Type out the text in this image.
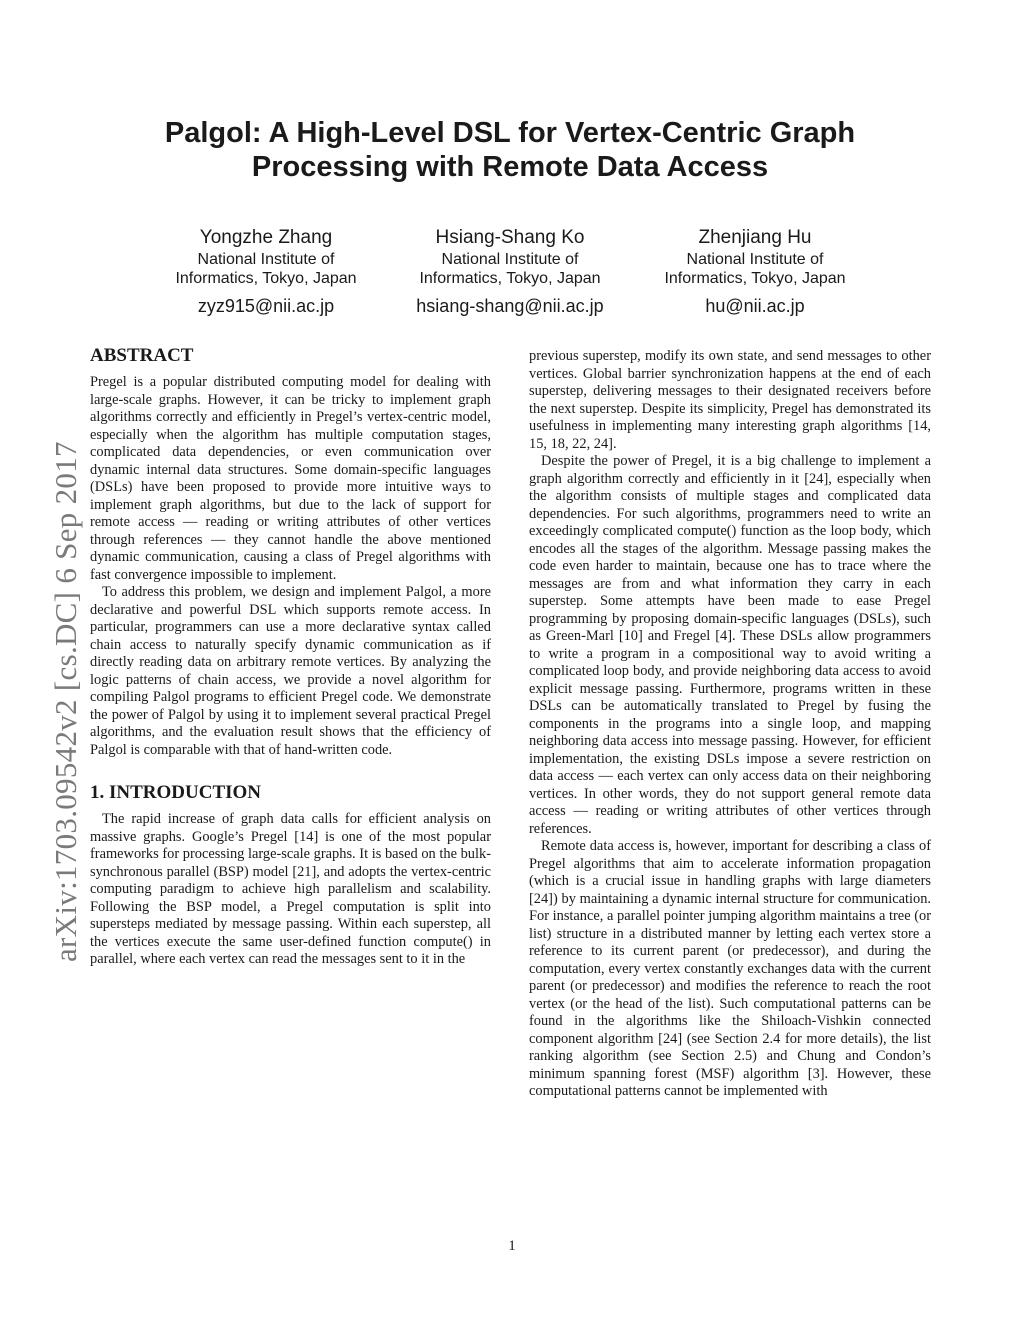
Palgol: A High-Level DSL for Vertex-Centric Graph Processing with Remote Data Access
Yongzhe Zhang
National Institute of
Informatics, Tokyo, Japan
zyz915@nii.ac.jp
Hsiang-Shang Ko
National Institute of
Informatics, Tokyo, Japan
hsiang-shang@nii.ac.jp
Zhenjiang Hu
National Institute of
Informatics, Tokyo, Japan
hu@nii.ac.jp
arXiv:1703.09542v2 [cs.DC] 6 Sep 2017
ABSTRACT

Pregel is a popular distributed computing model for dealing with large-scale graphs. However, it can be tricky to implement graph algorithms correctly and efficiently in Pregel’s vertex-centric model, especially when the algorithm has multiple computation stages, complicated data dependencies, or even communication over dynamic internal data structures. Some domain-specific languages (DSLs) have been proposed to provide more intuitive ways to implement graph algorithms, but due to the lack of support for remote access — reading or writing attributes of other vertices through references — they cannot handle the above mentioned dynamic communication, causing a class of Pregel algorithms with fast convergence impossible to implement.

To address this problem, we design and implement Palgol, a more declarative and powerful DSL which supports remote access. In particular, programmers can use a more declarative syntax called chain access to naturally specify dynamic communication as if directly reading data on arbitrary remote vertices. By analyzing the logic patterns of chain access, we provide a novel algorithm for compiling Palgol programs to efficient Pregel code. We demonstrate the power of Palgol by using it to implement several practical Pregel algorithms, and the evaluation result shows that the efficiency of Palgol is comparable with that of hand-written code.

1. INTRODUCTION

The rapid increase of graph data calls for efficient analysis on massive graphs. Google’s Pregel [14] is one of the most popular frameworks for processing large-scale graphs. It is based on the bulk-synchronous parallel (BSP) model [21], and adopts the vertex-centric computing paradigm to achieve high parallelism and scalability. Following the BSP model, a Pregel computation is split into supersteps mediated by message passing. Within each superstep, all the vertices execute the same user-defined function compute() in parallel, where each vertex can read the messages sent to it in the

previous superstep, modify its own state, and send messages to other vertices. Global barrier synchronization happens at the end of each superstep, delivering messages to their designated receivers before the next superstep. Despite its simplicity, Pregel has demonstrated its usefulness in implementing many interesting graph algorithms [14, 15, 18, 22, 24].

Despite the power of Pregel, it is a big challenge to implement a graph algorithm correctly and efficiently in it [24], especially when the algorithm consists of multiple stages and complicated data dependencies. For such algorithms, programmers need to write an exceedingly complicated compute() function as the loop body, which encodes all the stages of the algorithm. Message passing makes the code even harder to maintain, because one has to trace where the messages are from and what information they carry in each superstep. Some attempts have been made to ease Pregel programming by proposing domain-specific languages (DSLs), such as Green-Marl [10] and Fregel [4]. These DSLs allow programmers to write a program in a compositional way to avoid writing a complicated loop body, and provide neighboring data access to avoid explicit message passing. Furthermore, programs written in these DSLs can be automatically translated to Pregel by fusing the components in the programs into a single loop, and mapping neighboring data access into message passing. However, for efficient implementation, the existing DSLs impose a severe restriction on data access — each vertex can only access data on their neighboring vertices. In other words, they do not support general remote data access — reading or writing attributes of other vertices through references.

Remote data access is, however, important for describing a class of Pregel algorithms that aim to accelerate information propagation (which is a crucial issue in handling graphs with large diameters [24]) by maintaining a dynamic internal structure for communication. For instance, a parallel pointer jumping algorithm maintains a tree (or list) structure in a distributed manner by letting each vertex store a reference to its current parent (or predecessor), and during the computation, every vertex constantly exchanges data with the current parent (or predecessor) and modifies the reference to reach the root vertex (or the head of the list). Such computational patterns can be found in the algorithms like the Shiloach-Vishkin connected component algorithm [24] (see Section 2.4 for more details), the list ranking algorithm (see Section 2.5) and Chung and Condon’s minimum spanning forest (MSF) algorithm [3]. However, these computational patterns cannot be implemented with

1
